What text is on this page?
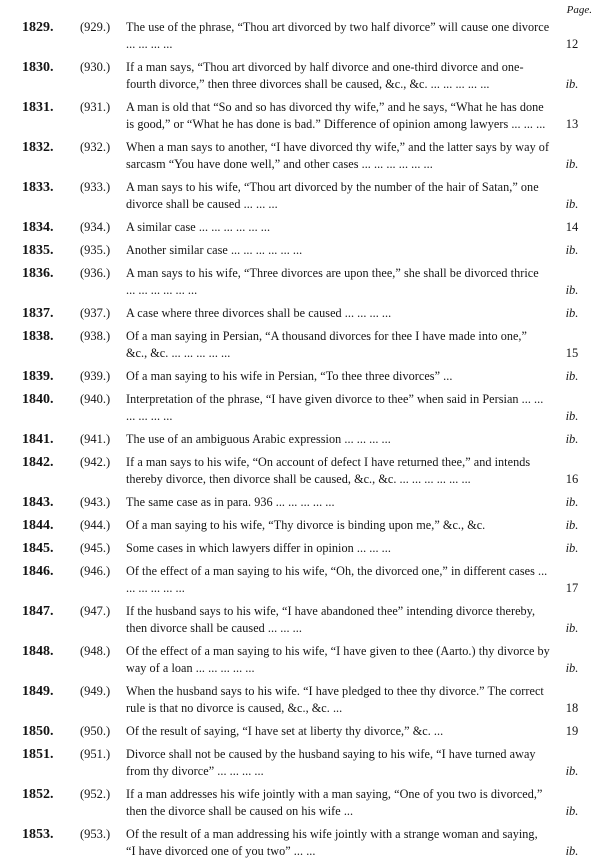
Page.
1829.	(929.)	The use of the phrase, “Thou art divorced by two half divorce” will cause one divorce ... ... ... ...	12
1830.	(930.)	If a man says, “Thou art divorced by half divorce and one-third divorce and one-fourth divorce,” then three divorces shall be caused, &c., &c. ... ... ... ... ...	ib.
1831.	(931.)	A man is old that “So and so has divorced thy wife,” and he says, “What he has done is good,” or “What he has done is bad.” Difference of opinion among lawyers ... ... ...	13
1832.	(932.)	When a man says to another, “I have divorced thy wife,” and the latter says by way of sarcasm “You have done well,” and other cases ... ... ... ... ... ...	ib.
1833.	(933.)	A man says to his wife, “Thou art divorced by the number of the hair of Satan,” one divorce shall be caused ... ... ...	ib.
1834.	(934.)	A similar case ... ... ... ... ... ...	14
1835.	(935.)	Another similar case ... ... ... ... ... ...	ib.
1836.	(936.)	A man says to his wife, “Three divorces are upon thee,” she shall be divorced thrice ... ... ... ... ... ...	ib.
1837.	(937.)	A case where three divorces shall be caused ... ... ... ...	ib.
1838.	(938.)	Of a man saying in Persian, “A thousand divorces for thee I have made into one,” &c., &c. ... ... ... ... ...	15
1839.	(939.)	Of a man saying to his wife in Persian, “To thee three divorces” ...	ib.
1840.	(940.)	Interpretation of the phrase, “I have given divorce to thee” when said in Persian ... ... ... ... ... ...	ib.
1841.	(941.)	The use of an ambiguous Arabic expression ... ... ... ...	ib.
1842.	(942.)	If a man says to his wife, “On account of defect I have returned thee,” and intends thereby divorce, then divorce shall be caused, &c., &c. ... ... ... ... ... ...	16
1843.	(943.)	The same case as in para. 936 ... ... ... ... ...	ib.
1844.	(944.)	Of a man saying to his wife, “Thy divorce is binding upon me,” &c., &c.	ib.
1845.	(945.)	Some cases in which lawyers differ in opinion ... ... ...	ib.
1846.	(946.)	Of the effect of a man saying to his wife, “Oh, the divorced one,” in different cases ... ... ... ... ... ...	17
1847.	(947.)	If the husband says to his wife, “I have abandoned thee” intending divorce thereby, then divorce shall be caused ... ... ...	ib.
1848.	(948.)	Of the effect of a man saying to his wife, “I have given to thee (Aarto.) thy divorce by way of a loan ... ... ... ... ...	ib.
1849.	(949.)	When the husband says to his wife. “I have pledged to thee thy divorce.” The correct rule is that no divorce is caused, &c., &c. ...	18
1850.	(950.)	Of the result of saying, “I have set at liberty thy divorce,” &c. ...	19
1851.	(951.)	Divorce shall not be caused by the husband saying to his wife, “I have turned away from thy divorce” ... ... ... ...	ib.
1852.	(952.)	If a man addresses his wife jointly with a man saying, “One of you two is divorced,” then the divorce shall be caused on his wife ...	ib.
1853.	(953.)	Of the result of a man addressing his wife jointly with a strange woman and saying, “I have divorced one of you two” ... ...	ib.
